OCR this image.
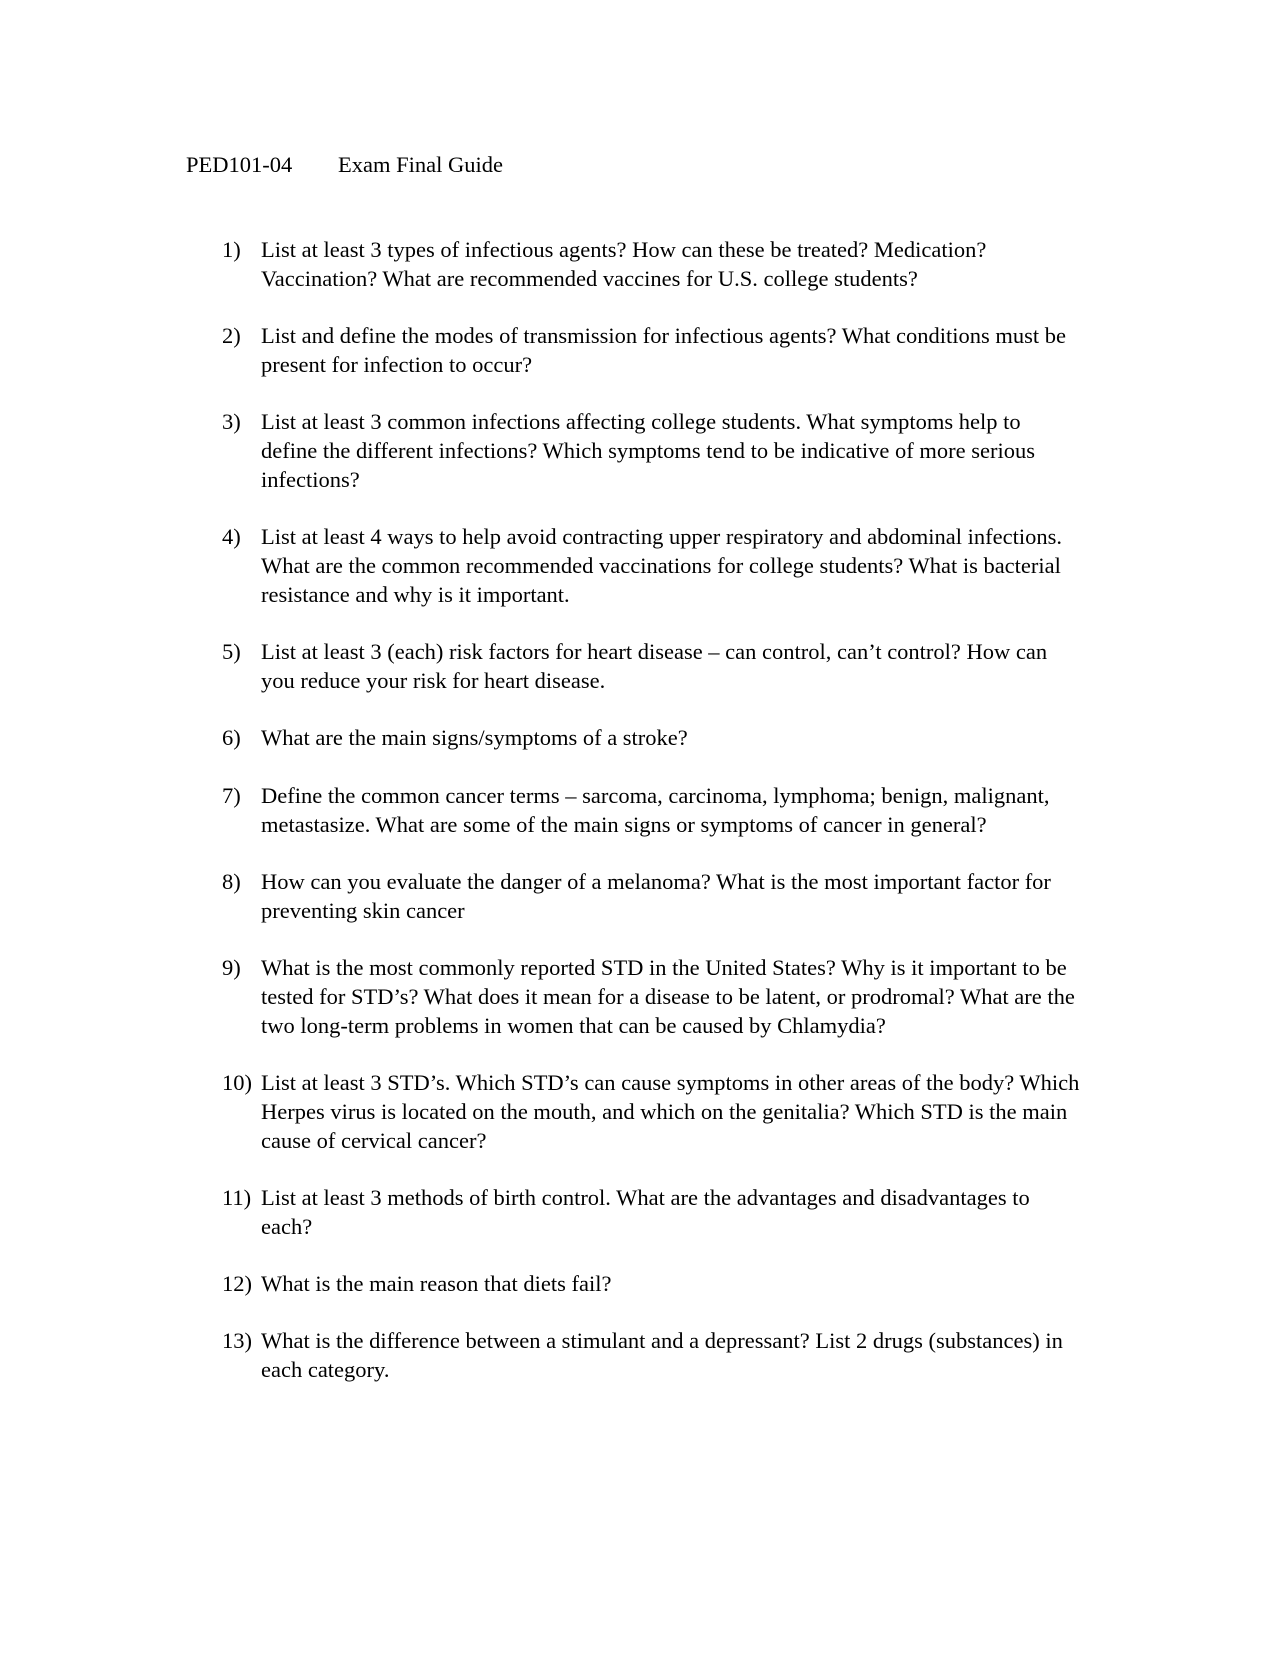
PED101-04 Exam Final Guide
1) List at least 3 types of infectious agents? How can these be treated? Medication? Vaccination? What are recommended vaccines for U.S. college students?
2) List and define the modes of transmission for infectious agents? What conditions must be present for infection to occur?
3) List at least 3 common infections affecting college students. What symptoms help to define the different infections? Which symptoms tend to be indicative of more serious infections?
4) List at least 4 ways to help avoid contracting upper respiratory and abdominal infections. What are the common recommended vaccinations for college students? What is bacterial resistance and why is it important.
5) List at least 3 (each) risk factors for heart disease – can control, can’t control? How can you reduce your risk for heart disease.
6) What are the main signs/symptoms of a stroke?
7) Define the common cancer terms – sarcoma, carcinoma, lymphoma; benign, malignant, metastasize. What are some of the main signs or symptoms of cancer in general?
8) How can you evaluate the danger of a melanoma? What is the most important factor for preventing skin cancer
9) What is the most commonly reported STD in the United States? Why is it important to be tested for STD’s? What does it mean for a disease to be latent, or prodromal? What are the two long-term problems in women that can be caused by Chlamydia?
10) List at least 3 STD’s. Which STD’s can cause symptoms in other areas of the body? Which Herpes virus is located on the mouth, and which on the genitalia? Which STD is the main cause of cervical cancer?
11) List at least 3 methods of birth control. What are the advantages and disadvantages to each?
12) What is the main reason that diets fail?
13) What is the difference between a stimulant and a depressant? List 2 drugs (substances) in each category.
